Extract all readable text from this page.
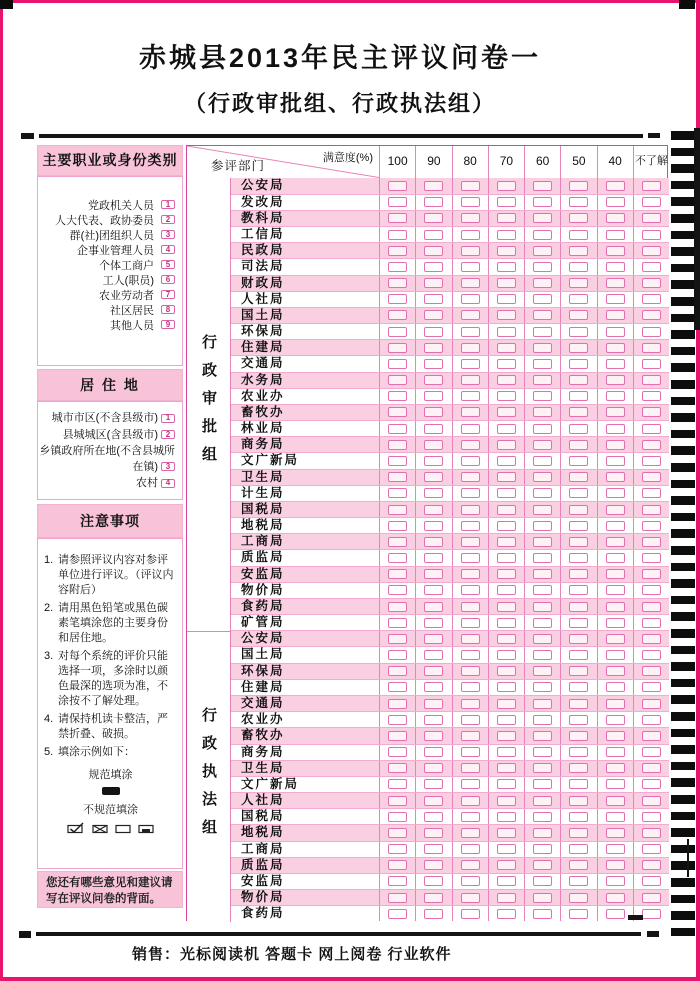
赤城县2013年民主评议问卷一
（行政审批组、行政执法组）
主要职业或身份类别
党政机关人员	1
人大代表、政协委员	2
群(社)团组织人员	3
企事业管理人员	4
个体工商户	5
工人(职员)	6
农业劳动者	7
社区居民	8
其他人员	9
居 住 地
城市市区(不含县级市) 1
县城城区(含县级市) 2
乡镇政府所在地(不含县城所在镇) 3
农村 4
注意事项
1. 请参照评议内容对参评单位进行评议。（评议内容附后）
2. 请用黑色铅笔或黑色碳素笔填涂您的主要身份和居住地。
3. 对每个系统的评价只能选择一项，多涂时以颜色最深的选项为准，不涂按不了解处理。
4. 请保持机读卡整洁，严禁折叠、破损。
5. 填涂示例如下：
规范填涂
不规范填涂
您还有哪些意见和建议请写在评议问卷的背面。
满意度(%)
参评部门	100	90	80	70	60	50	40	不了解
行政审批组
行政执法组
公安局
发改局
教科局
工信局
民政局
司法局
财政局
人社局
国土局
环保局
住建局
交通局
水务局
农业办
畜牧办
林业局
商务局
文广新局
卫生局
计生局
国税局
地税局
工商局
质监局
安监局
物价局
食药局
矿管局
公安局
国土局
环保局
住建局
交通局
农业办
畜牧办
商务局
卫生局
文广新局
人社局
国税局
地税局
工商局
质监局
安监局
物价局
食药局
销售：光标阅读机 答题卡 网上阅卷 行业软件
